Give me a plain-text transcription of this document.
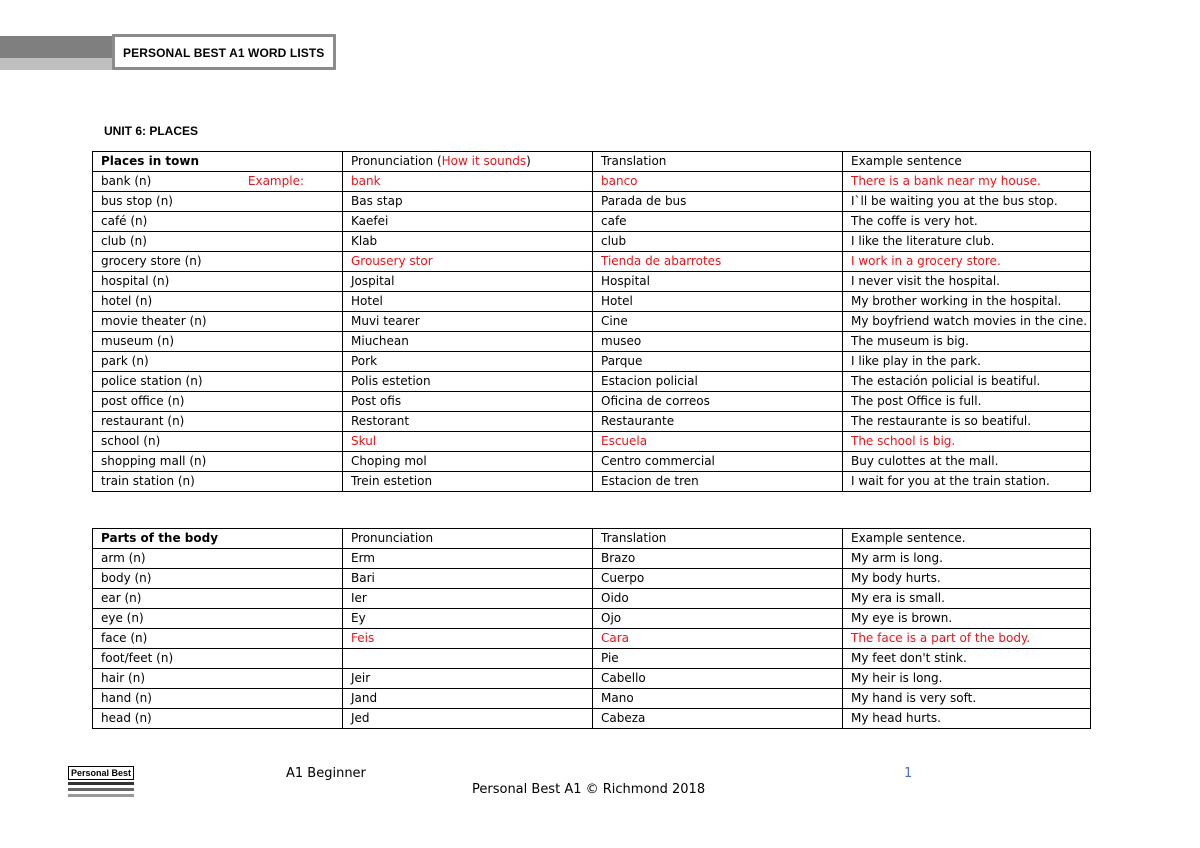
PERSONAL BEST A1 WORD LISTS
UNIT 6: PLACES
Places in town	Pronunciation (How it sounds)	Translation	Example sentence
bank (n) Example:	bank	banco	There is a bank near my house.
bus stop (n)	Bas stap	Parada de bus	I`ll be waiting you at the bus stop.
café (n)	Kaefei	cafe	The coffe is very hot.
club (n)	Klab	club	I like the literature club.
grocery store (n)	Grousery stor	Tienda de abarrotes	I work in a grocery store.
hospital (n)	Jospital	Hospital	I never visit the hospital.
hotel (n)	Hotel	Hotel	My brother working in the hospital.
movie theater (n)	Muvi tearer	Cine	My boyfriend watch movies in the cine.
museum (n)	Miuchean	museo	The museum is big.
park (n)	Pork	Parque	I like play in the park.
police station (n)	Polis estetion	Estacion policial	The estación policial is beatiful.
post office (n)	Post ofis	Oficina de correos	The post Office is full.
restaurant (n)	Restorant	Restaurante	The restaurante is so beatiful.
school (n)	Skul	Escuela	The school is big.
shopping mall (n)	Choping mol	Centro commercial	Buy culottes at the mall.
train station (n)	Trein estetion	Estacion de tren	I wait for you at the train station.
Parts of the body	Pronunciation	Translation	Example sentence.
arm (n)	Erm	Brazo	My arm is long.
body (n)	Bari	Cuerpo	My body hurts.
ear (n)	Ier	Oido	My era is small.
eye (n)	Ey	Ojo	My eye is brown.
face (n)	Feis	Cara	The face is a part of the body.
foot/feet (n)		Pie	My feet don't stink.
hair (n)	Jeir	Cabello	My heir is long.
hand (n)	Jand	Mano	My hand is very soft.
head (n)	Jed	Cabeza	My head hurts.
Personal Best	A1 Beginner	1
Personal Best A1 © Richmond 2018
